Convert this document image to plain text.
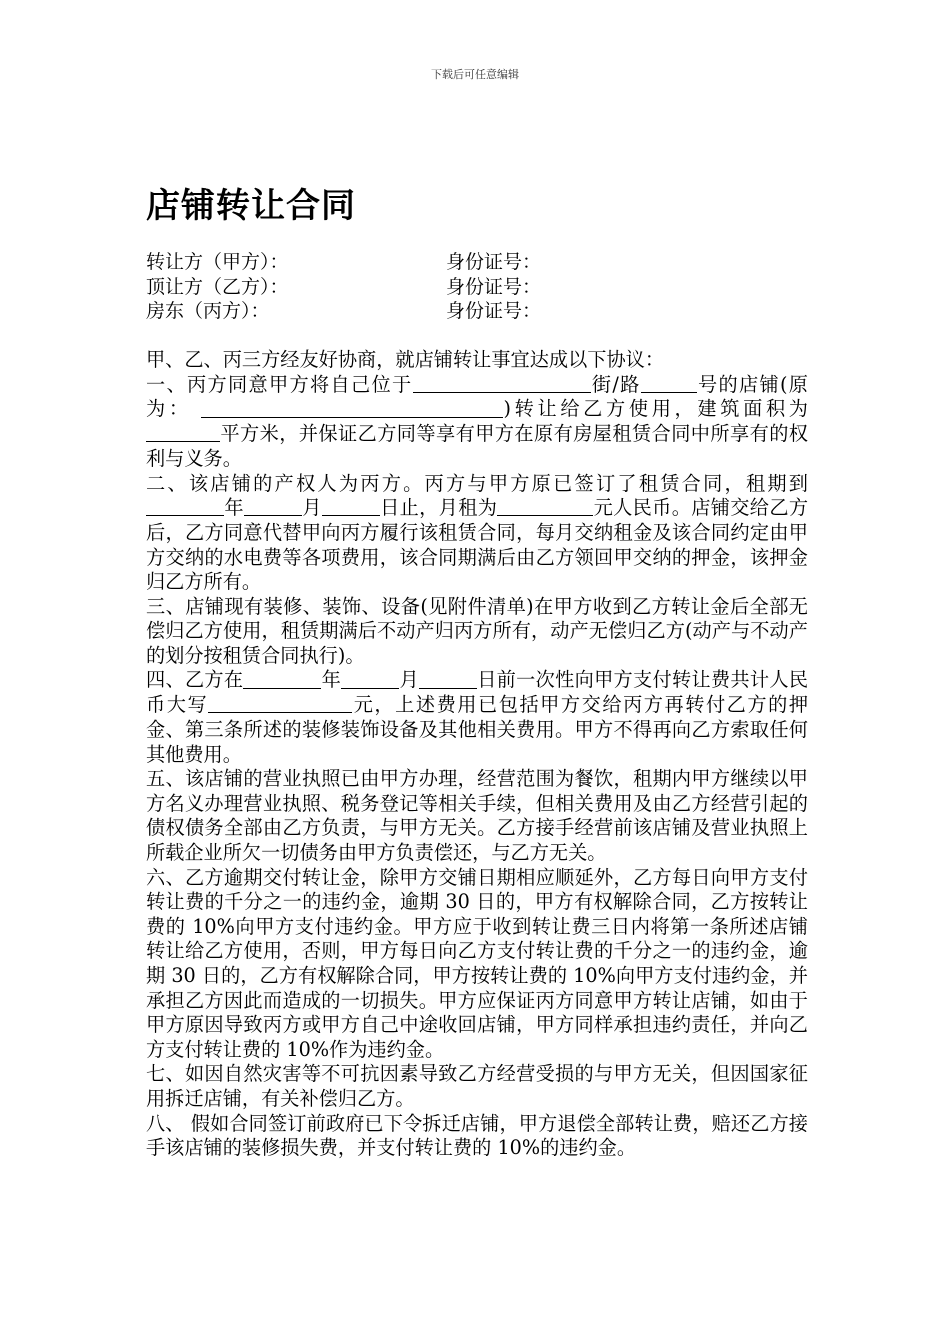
下载后可任意编辑
店铺转让合同
转让方（甲方）：	身份证号：
顶让方（乙方）：	身份证号：
房东（丙方）：	身份证号：

甲、乙、丙三方经友好协商，就店铺转让事宜达成以下协议：

一、丙方同意甲方将自己位于	街/路	号的店铺(原为：	)转让给乙方使用，建筑面积为平方米，并保证乙方同等享有甲方在原有房屋租赁合同中所享有的权利与义务。

二、该店铺的产权人为丙方。丙方与甲方原已签订了租赁合同，租期到年	月	日止，月租为	元人民币。店铺交给乙方后，乙方同意代替甲向丙方履行该租赁合同，每月交纳租金及该合同约定由甲方交纳的水电费等各项费用，该合同期满后由乙方领回甲交纳的押金，该押金归乙方所有。

三、店铺现有装修、装饰、设备(见附件清单)在甲方收到乙方转让金后全部无偿归乙方使用，租赁期满后不动产归丙方所有，动产无偿归乙方(动产与不动产的划分按租赁合同执行)。

四、乙方在	年	月	日前一次性向甲方支付转让费共计人民币大写	元，上述费用已包括甲方交给丙方再转付乙方的押金、第三条所述的装修装饰设备及其他相关费用。甲方不得再向乙方索取任何其他费用。

五、该店铺的营业执照已由甲方办理，经营范围为餐饮，租期内甲方继续以甲方名义办理营业执照、税务登记等相关手续，但相关费用及由乙方经营引起的债权债务全部由乙方负责，与甲方无关。乙方接手经营前该店铺及营业执照上所载企业所欠一切债务由甲方负责偿还，与乙方无关。

六、乙方逾期交付转让金，除甲方交铺日期相应顺延外，乙方每日向甲方支付转让费的千分之一的违约金，逾期 30 日的，甲方有权解除合同，乙方按转让费的 10%向甲方支付违约金。甲方应于收到转让费三日内将第一条所述店铺转让给乙方使用，否则，甲方每日向乙方支付转让费的千分之一的违约金，逾期 30 日的，乙方有权解除合同，甲方按转让费的 10%向甲方支付违约金，并承担乙方因此而造成的一切损失。甲方应保证丙方同意甲方转让店铺，如由于甲方原因导致丙方或甲方自己中途收回店铺，甲方同样承担违约责任，并向乙方支付转让费的 10%作为违约金。

七、如因自然灾害等不可抗因素导致乙方经营受损的与甲方无关，但因国家征用拆迁店铺，有关补偿归乙方。

八、 假如合同签订前政府已下令拆迁店铺，甲方退偿全部转让费，赔还乙方接手该店铺的装修损失费，并支付转让费的 10%的违约金。
